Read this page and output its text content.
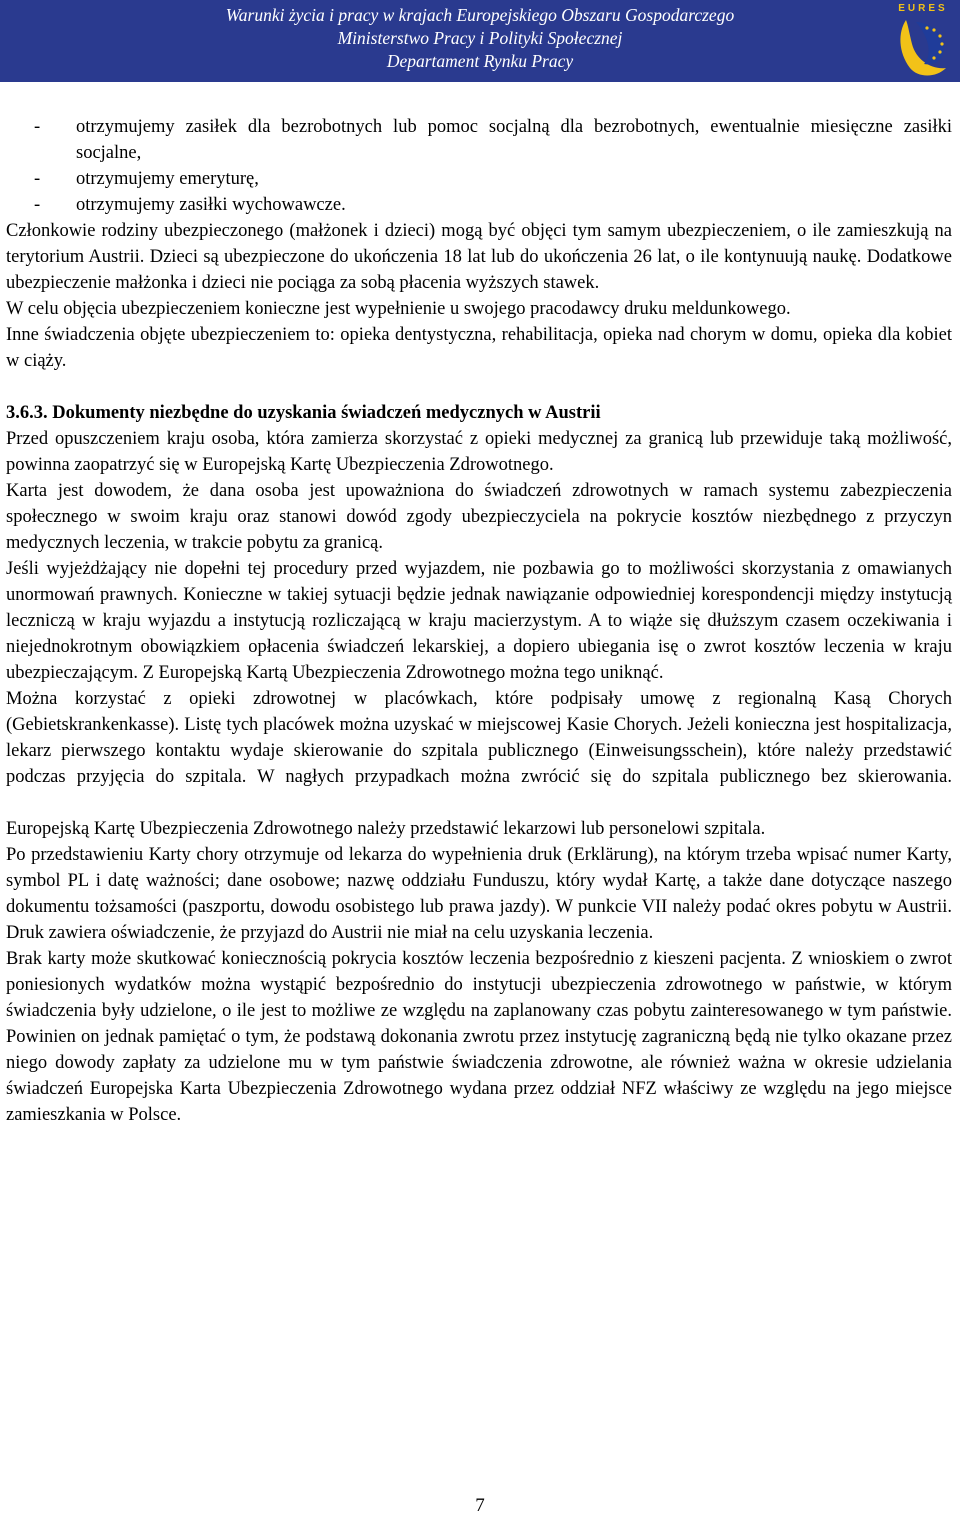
Warunki życia i pracy w krajach Europejskiego Obszaru Gospodarczego
Ministerstwo Pracy i Polityki Społecznej
Departament Rynku Pracy
EURES
- otrzymujemy zasiłek dla bezrobotnych lub pomoc socjalną dla bezrobotnych, ewentualnie miesięczne zasiłki socjalne,
- otrzymujemy emeryturę,
- otrzymujemy zasiłki wychowawcze.

Członkowie rodziny ubezpieczonego (małżonek i dzieci) mogą być objęci tym samym ubezpieczeniem, o ile zamieszkują na terytorium Austrii. Dzieci są ubezpieczone do ukończenia 18 lat lub do ukończenia 26 lat, o ile kontynuują naukę. Dodatkowe ubezpieczenie małżonka i dzieci nie pociąga za sobą płacenia wyższych stawek.

W celu objęcia ubezpieczeniem konieczne jest wypełnienie u swojego pracodawcy druku meldunkowego.

Inne świadczenia objęte ubezpieczeniem to: opieka dentystyczna, rehabilitacja, opieka nad chorym w domu, opieka dla kobiet w ciąży.

3.6.3. Dokumenty niezbędne do uzyskania świadczeń medycznych w Austrii

Przed opuszczeniem kraju osoba, która zamierza skorzystać z opieki medycznej za granicą lub przewiduje taką możliwość, powinna zaopatrzyć się w Europejską Kartę Ubezpieczenia Zdrowotnego.

Karta jest dowodem, że dana osoba jest upoważniona do świadczeń zdrowotnych w ramach systemu zabezpieczenia społecznego w swoim kraju oraz stanowi dowód zgody ubezpieczyciela na pokrycie kosztów niezbędnego z przyczyn medycznych leczenia, w trakcie pobytu za granicą.

Jeśli wyjeżdżający nie dopełni tej procedury przed wyjazdem, nie pozbawia go to możliwości skorzystania z omawianych unormowań prawnych. Konieczne w takiej sytuacji będzie jednak nawiązanie odpowiedniej korespondencji między instytucją leczniczą w kraju wyjazdu a instytucją rozliczającą w kraju macierzystym. A to wiąże się dłuższym czasem oczekiwania i niejednokrotnym obowiązkiem opłacenia świadczeń lekarskiej, a dopiero ubiegania isę o zwrot kosztów leczenia w kraju ubezpieczającym. Z Europejską Kartą Ubezpieczenia Zdrowotnego można tego uniknąć.

Można korzystać z opieki zdrowotnej w placówkach, które podpisały umowę z regionalną Kasą Chorych (Gebietskrankenkasse). Listę tych placówek można uzyskać w miejscowej Kasie Chorych. Jeżeli konieczna jest hospitalizacja, lekarz pierwszego kontaktu wydaje skierowanie do szpitala publicznego (Einweisungsschein), które należy przedstawić podczas przyjęcia do szpitala. W nagłych przypadkach można zwrócić się do szpitala publicznego bez skierowania.

Europejską Kartę Ubezpieczenia Zdrowotnego należy przedstawić lekarzowi lub personelowi szpitala.

Po przedstawieniu Karty chory otrzymuje od lekarza do wypełnienia druk (Erklärung), na którym trzeba wpisać numer Karty, symbol PL i datę ważności; dane osobowe; nazwę oddziału Funduszu, który wydał Kartę, a także dane dotyczące naszego dokumentu tożsamości (paszportu, dowodu osobistego lub prawa jazdy). W punkcie VII należy podać okres pobytu w Austrii. Druk zawiera oświadczenie, że przyjazd do Austrii nie miał na celu uzyskania leczenia.

Brak karty może skutkować koniecznością pokrycia kosztów leczenia bezpośrednio z kieszeni pacjenta. Z wnioskiem o zwrot poniesionych wydatków można wystąpić bezpośrednio do instytucji ubezpieczenia zdrowotnego w państwie, w którym świadczenia były udzielone, o ile jest to możliwe ze względu na zaplanowany czas pobytu zainteresowanego w tym państwie. Powinien on jednak pamiętać o tym, że podstawą dokonania zwrotu przez instytucję zagraniczną będą nie tylko okazane przez niego dowody zapłaty za udzielone mu w tym państwie świadczenia zdrowotne, ale również ważna w okresie udzielania świadczeń Europejska Karta Ubezpieczenia Zdrowotnego wydana przez oddział NFZ właściwy ze względu na jego miejsce zamieszkania w Polsce.

7
